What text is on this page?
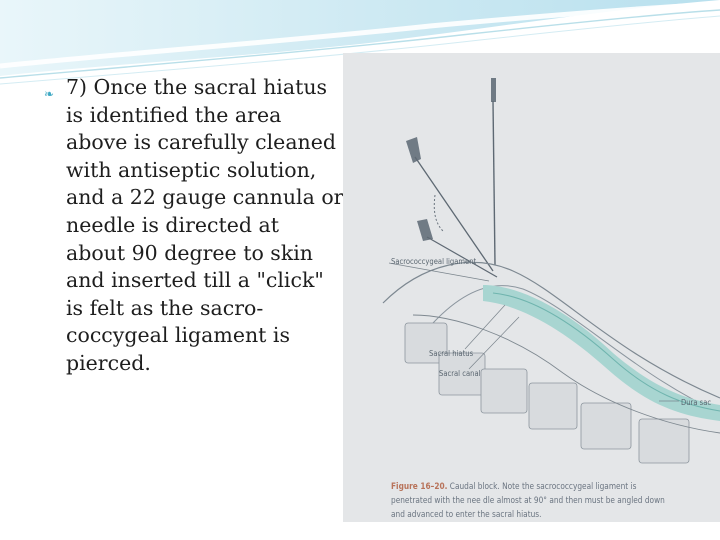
❧ 7) Once the sacral hiatus is identified the area above is carefully cleaned with antiseptic solution, and a 22 gauge cannula or needle is directed at about 90 degree to skin and inserted till a "click" is felt as the sacro-coccygeal ligament is pierced.
Sacrococcygeal ligament
Sacral hiatus
Sacral canal
Dura sac
Figure 16–20. Caudal block. Note the sacrococcygeal ligament is penetrated with the nee dle almost at 90° and then must be angled down and advanced to enter the sacral hiatus.
